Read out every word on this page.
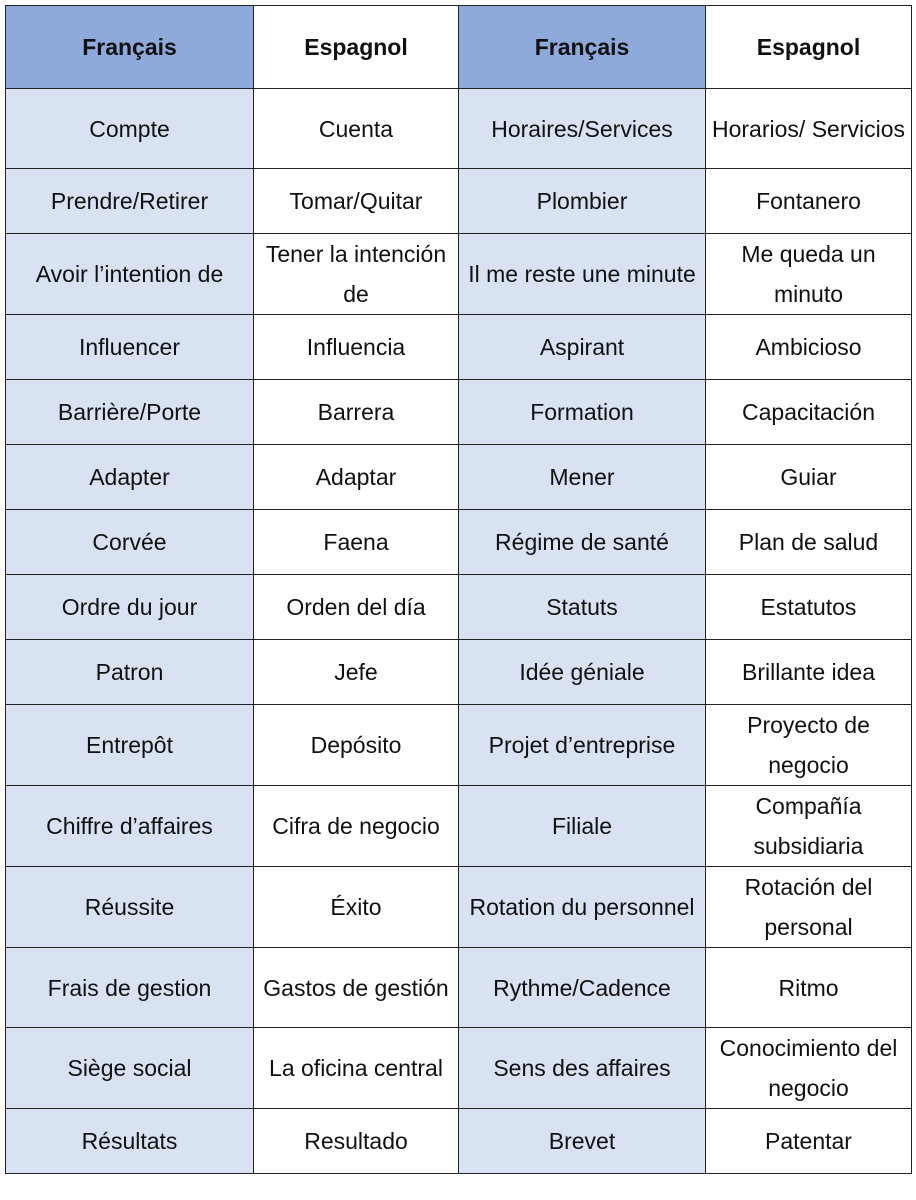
Français	Espagnol	Français	Espagnol
Compte	Cuenta	Horaires/Services	Horarios/ Servicios
Prendre/Retirer	Tomar/Quitar	Plombier	Fontanero
Avoir l’intention de	Tener la intención de	Il me reste une minute	Me queda un minuto
Influencer	Influencia	Aspirant	Ambicioso
Barrière/Porte	Barrera	Formation	Capacitación
Adapter	Adaptar	Mener	Guiar
Corvée	Faena	Régime de santé	Plan de salud
Ordre du jour	Orden del día	Statuts	Estatutos
Patron	Jefe	Idée géniale	Brillante idea
Entrepôt	Depósito	Projet d’entreprise	Proyecto de negocio
Chiffre d’affaires	Cifra de negocio	Filiale	Compañía subsidiaria
Réussite	Éxito	Rotation du personnel	Rotación del personal
Frais de gestion	Gastos de gestión	Rythme/Cadence	Ritmo
Siège social	La oficina central	Sens des affaires	Conocimiento del negocio
Résultats	Resultado	Brevet	Patentar
